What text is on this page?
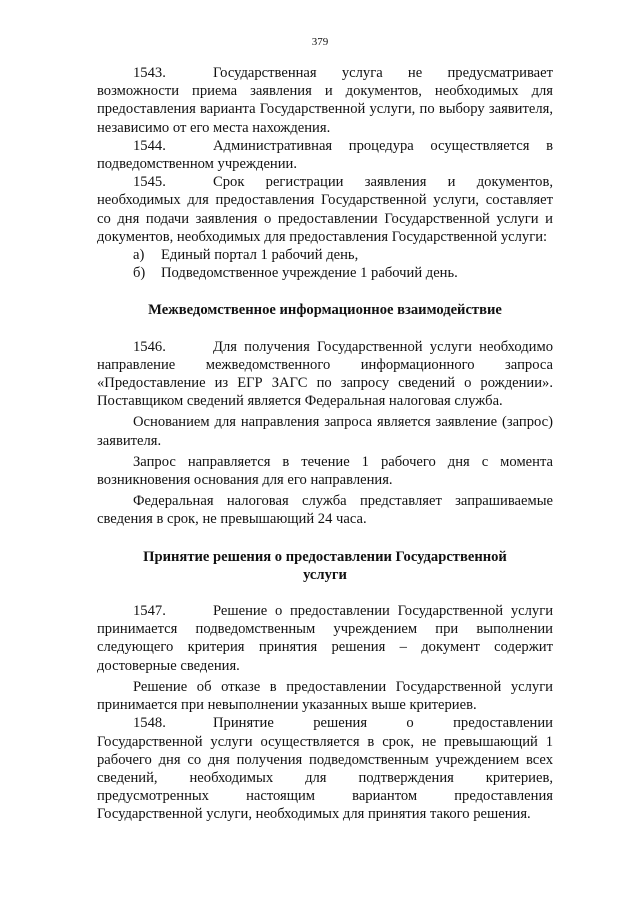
379

1543.	Государственная услуга не предусматривает возможности приема заявления и документов, необходимых для предоставления варианта Государственной услуги, по выбору заявителя, независимо от его места нахождения.

1544.	Административная процедура осуществляется в подведомственном учреждении.

1545.	Срок регистрации заявления и документов, необходимых для предоставления Государственной услуги, составляет со дня подачи заявления о предоставлении Государственной услуги и документов, необходимых для предоставления Государственной услуги:

а)	Единый портал 1 рабочий день,
б)	Подведомственное учреждение 1 рабочий день.
Межведомственное информационное взаимодействие

1546.	Для получения Государственной услуги необходимо направление межведомственного информационного запроса «Предоставление из ЕГР ЗАГС по запросу сведений о рождении». Поставщиком сведений является Федеральная налоговая служба.

Основанием для направления запроса является заявление (запрос) заявителя.

Запрос направляется в течение 1 рабочего дня с момента возникновения основания для его направления.

Федеральная налоговая служба представляет запрашиваемые сведения в срок, не превышающий 24 часа.

Принятие решения о предоставлении Государственной услуги

1547.	Решение о предоставлении Государственной услуги принимается подведомственным учреждением при выполнении следующего критерия принятия решения – документ содержит достоверные сведения.

Решение об отказе в предоставлении Государственной услуги принимается при невыполнении указанных выше критериев.

1548.	Принятие решения о предоставлении Государственной услуги осуществляется в срок, не превышающий 1 рабочего дня со дня получения подведомственным учреждением всех сведений, необходимых для подтверждения критериев, предусмотренных настоящим вариантом предоставления Государственной услуги, необходимых для принятия такого решения.
